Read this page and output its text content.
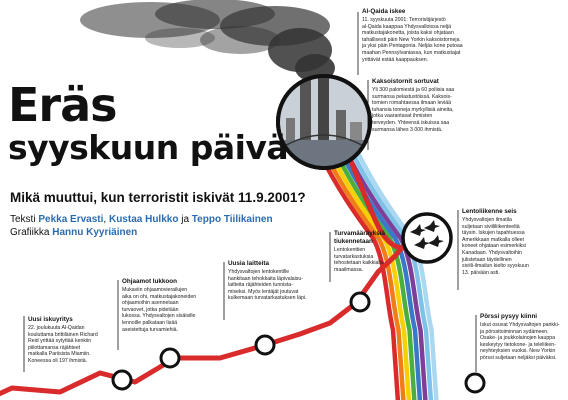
Eräs
syyskuun päivä
Mikä muuttui, kun terroristit iskivät 11.9.2001?
Teksti Pekka Ervasti, Kustaa Hulkko ja Teppo Tiilikainen
Grafiikka Hannu Kyyriäinen
Al-Qaida iskee

11. syyskuuta 2001: Terroristijärjestö
al-Qaida kaappaa Yhdysvalloissa neljä
matkustajakonetta, joista kaksi ohjataan
tahallisesti päin New Yorkin kaksoistorneja
ja yksi päin Pentagonia. Neljäs kone putoaa
maahan Pennsylvaniassa, kun matkustajat
yrittävät estää kaappauksen.

Kaksoistornit sortuvat

Yli 300 palomiestä ja 60 poliisia saa
surmansa pelastustöissä. Kaksois-
tornien romahtaessa ilmaan leviää
tuhansia tonneja myrkyllisiä aineita,
jotka vaarantavat ihmisten
terveyden. Yhteensä iskuissa saa
surmansa lähes 3 000 ihmistä.

Lentoliikenne seis

Yhdysvaltojen ilmatila
suljetaan siviililiikenteeltä
täysin. Iskujen tapahtuessa
Amerikkaan matkalla olleet
koneet ohjataan esimerkiksi
Kanadaan. Yhdysvaltoihin
julistetaan täydellinen
siviili-ilmailun kielto syyskuun
13. päivään asti.

Turvamääräyksiä tiukennetaan

Lentokenttien
turvatarkastuksia
tehostetaan kaikkialla
maailmassa.

Uusia laitteita

Yhdysvaltojen lentokentille
hankitaan tehokkaita läpivalaisu-
laitteita räjähteiden tunnista-
miseksi. Myös lentäjät joutuvat
kulkemaan turvatarkastuksen läpi.

Ohjaamot lukkoon

Mukaviin ohjaamovierailujen
aika on ohi, matkustajakoneiden
ohjaamoihin asennetaan
turvaovet, jotka pidetään
lukossa. Yhdysvaltojen sisäisille
lennoille palkataan lisää
aseistettuja turvamiehiä.

Uusi iskuyritys

22. joulukuuta Al-Qaidan
kouluttama brittiläinen Richard
Reid yrittää sytyttää kenkiin
piilottamansa räjähteet
matkalla Pariisista Miamiin.
Koneessa oli 197 ihmistä.

Pörssi pysyy kiinni

Iskut osuvat Yhdysvaltojen pankki-
ja pörssitoiminnan sydämeen.
Osake- ja joukkolainojen kauppa
keskeytyy tietokone- ja teleliiken-
neyhteyksien vuoksi. New Yorkin
pörssi suljetaan neljäksi päiväksi.
